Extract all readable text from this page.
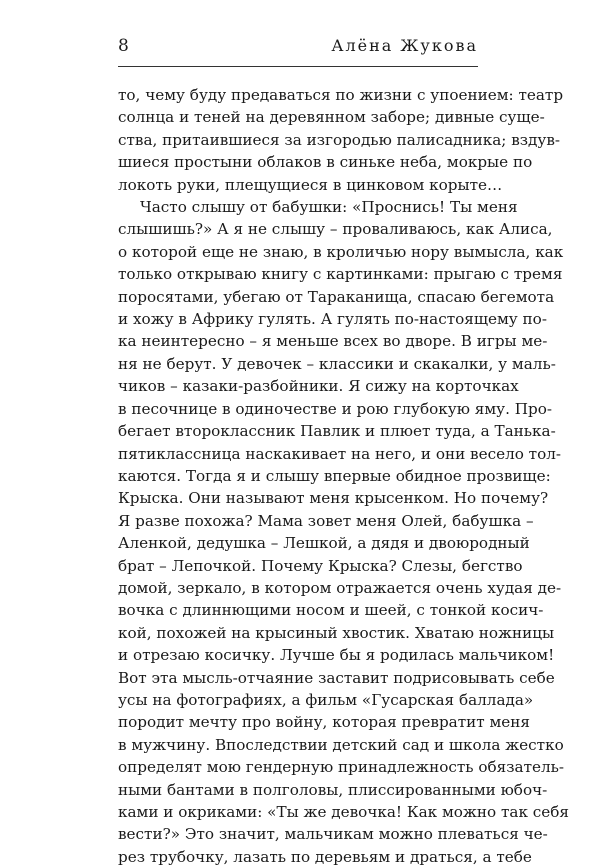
8	Алёна Жукова

то, чему буду предаваться по жизни с упоением: театр
солнца и теней на деревянном заборе; дивные суще-
ства, притаившиеся за изгородью палисадника; вздув-
шиеся простыни облаков в синьке неба, мокрые по
локоть руки, плещущиеся в цинковом корыте…

Часто слышу от бабушки: «Проснись! Ты меня
слышишь?» А я не слышу – проваливаюсь, как Алиса,
о которой еще не знаю, в кроличью нору вымысла, как
только открываю книгу с картинками: прыгаю с тремя
поросятами, убегаю от Тараканища, спасаю бегемота
и хожу в Африку гулять. А гулять по-настоящему по-
ка неинтересно – я меньше всех во дворе. В игры ме-
ня не берут. У девочек – классики и скакалки, у маль-
чиков – казаки-разбойники. Я сижу на корточках
в песочнице в одиночестве и рою глубокую яму. Про-
бегает второклассник Павлик и плюет туда, а Танька-
пятиклассница наскакивает на него, и они весело тол-
каются. Тогда я и слышу впервые обидное прозвище:
Крыска. Они называют меня крысенком. Но почему?
Я разве похожа? Мама зовет меня Олей, бабушка –
Аленкой, дедушка – Лешкой, а дядя и двоюродный
брат – Лепочкой. Почему Крыска? Слезы, бегство
домой, зеркало, в котором отражается очень худая де-
вочка с длиннющими носом и шеей, с тонкой косич-
кой, похожей на крысиный хвостик. Хватаю ножницы
и отрезаю косичку. Лучше бы я родилась мальчиком!
Вот эта мысль-отчаяние заставит подрисовывать себе
усы на фотографиях, а фильм «Гусарская баллада»
породит мечту про войну, которая превратит меня
в мужчину. Впоследствии детский сад и школа жестко
определят мою гендерную принадлежность обязатель-
ными бантами в полголовы, плиссированными юбоч-
ками и окриками: «Ты же девочка! Как можно так себя
вести?» Это значит, мальчикам можно плеваться че-
рез трубочку, лазать по деревьям и драться, а тебе
